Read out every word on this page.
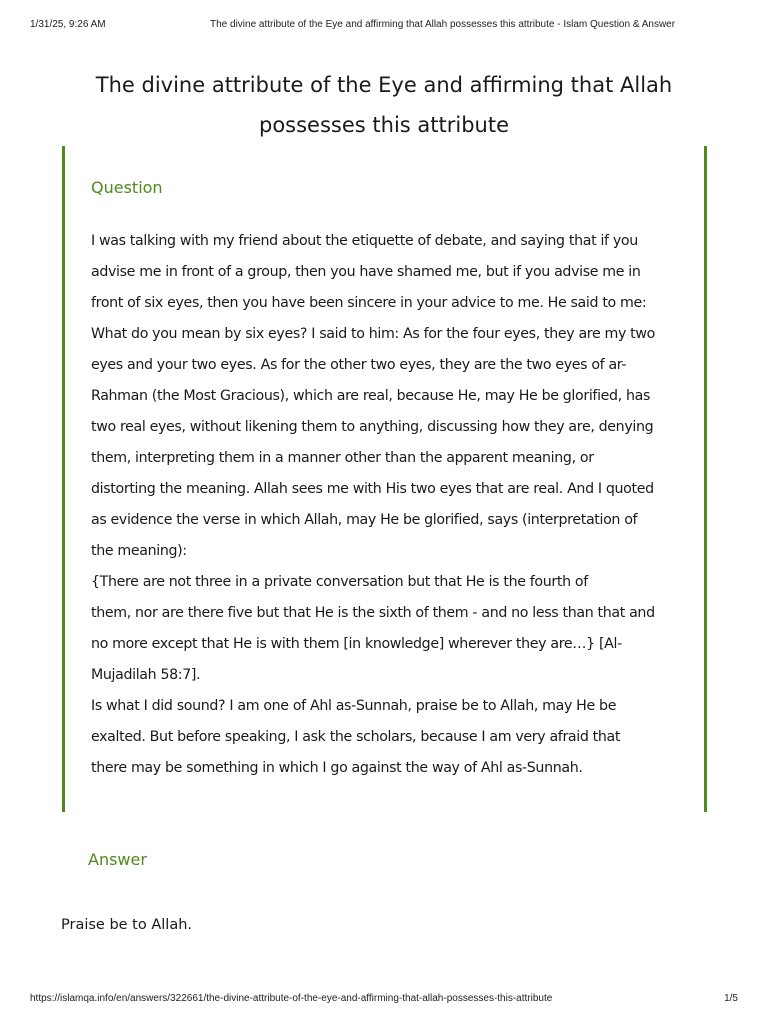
1/31/25, 9:26 AM	The divine attribute of the Eye and affirming that Allah possesses this attribute - Islam Question & Answer
The divine attribute of the Eye and affirming that Allah possesses this attribute
Question
I was talking with my friend about the etiquette of debate, and saying that if you
advise me in front of a group, then you have shamed me, but if you advise me in
front of six eyes, then you have been sincere in your advice to me. He said to me:
What do you mean by six eyes? I said to him: As for the four eyes, they are my two
eyes and your two eyes. As for the other two eyes, they are the two eyes of ar-
Rahman (the Most Gracious), which are real, because He, may He be glorified, has
two real eyes, without likening them to anything, discussing how they are, denying
them, interpreting them in a manner other than the apparent meaning, or
distorting the meaning. Allah sees me with His two eyes that are real. And I quoted
as evidence the verse in which Allah, may He be glorified, says (interpretation of
the meaning):
{There are not three in a private conversation but that He is the fourth of
them, nor are there five but that He is the sixth of them - and no less than that and
no more except that He is with them [in knowledge] wherever they are…} [Al-
Mujadilah 58:7].
Is what I did sound? I am one of Ahl as-Sunnah, praise be to Allah, may He be
exalted. But before speaking, I ask the scholars, because I am very afraid that
there may be something in which I go against the way of Ahl as-Sunnah.
Answer

Praise be to Allah.

https://islamqa.info/en/answers/322661/the-divine-attribute-of-the-eye-and-affirming-that-allah-possesses-this-attribute	1/5
